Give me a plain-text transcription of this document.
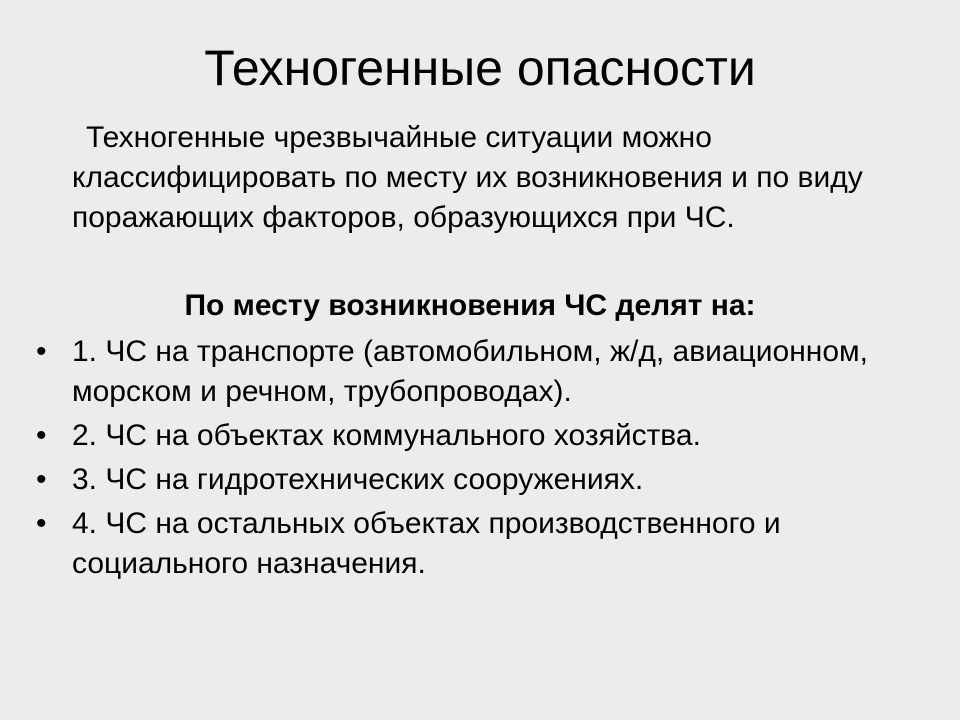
Техногенные опасности

Техногенные чрезвычайные ситуации можно классифицировать по месту их возникновения и по виду поражающих факторов, образующихся при ЧС.

По месту возникновения ЧС делят на:

• 1. ЧС на транспорте (автомобильном, ж/д, авиационном, морском и речном, трубопроводах).
• 2. ЧС на объектах коммунального хозяйства.
• 3. ЧС на гидротехнических сооружениях.
• 4. ЧС на остальных объектах производственного и социального назначения.
